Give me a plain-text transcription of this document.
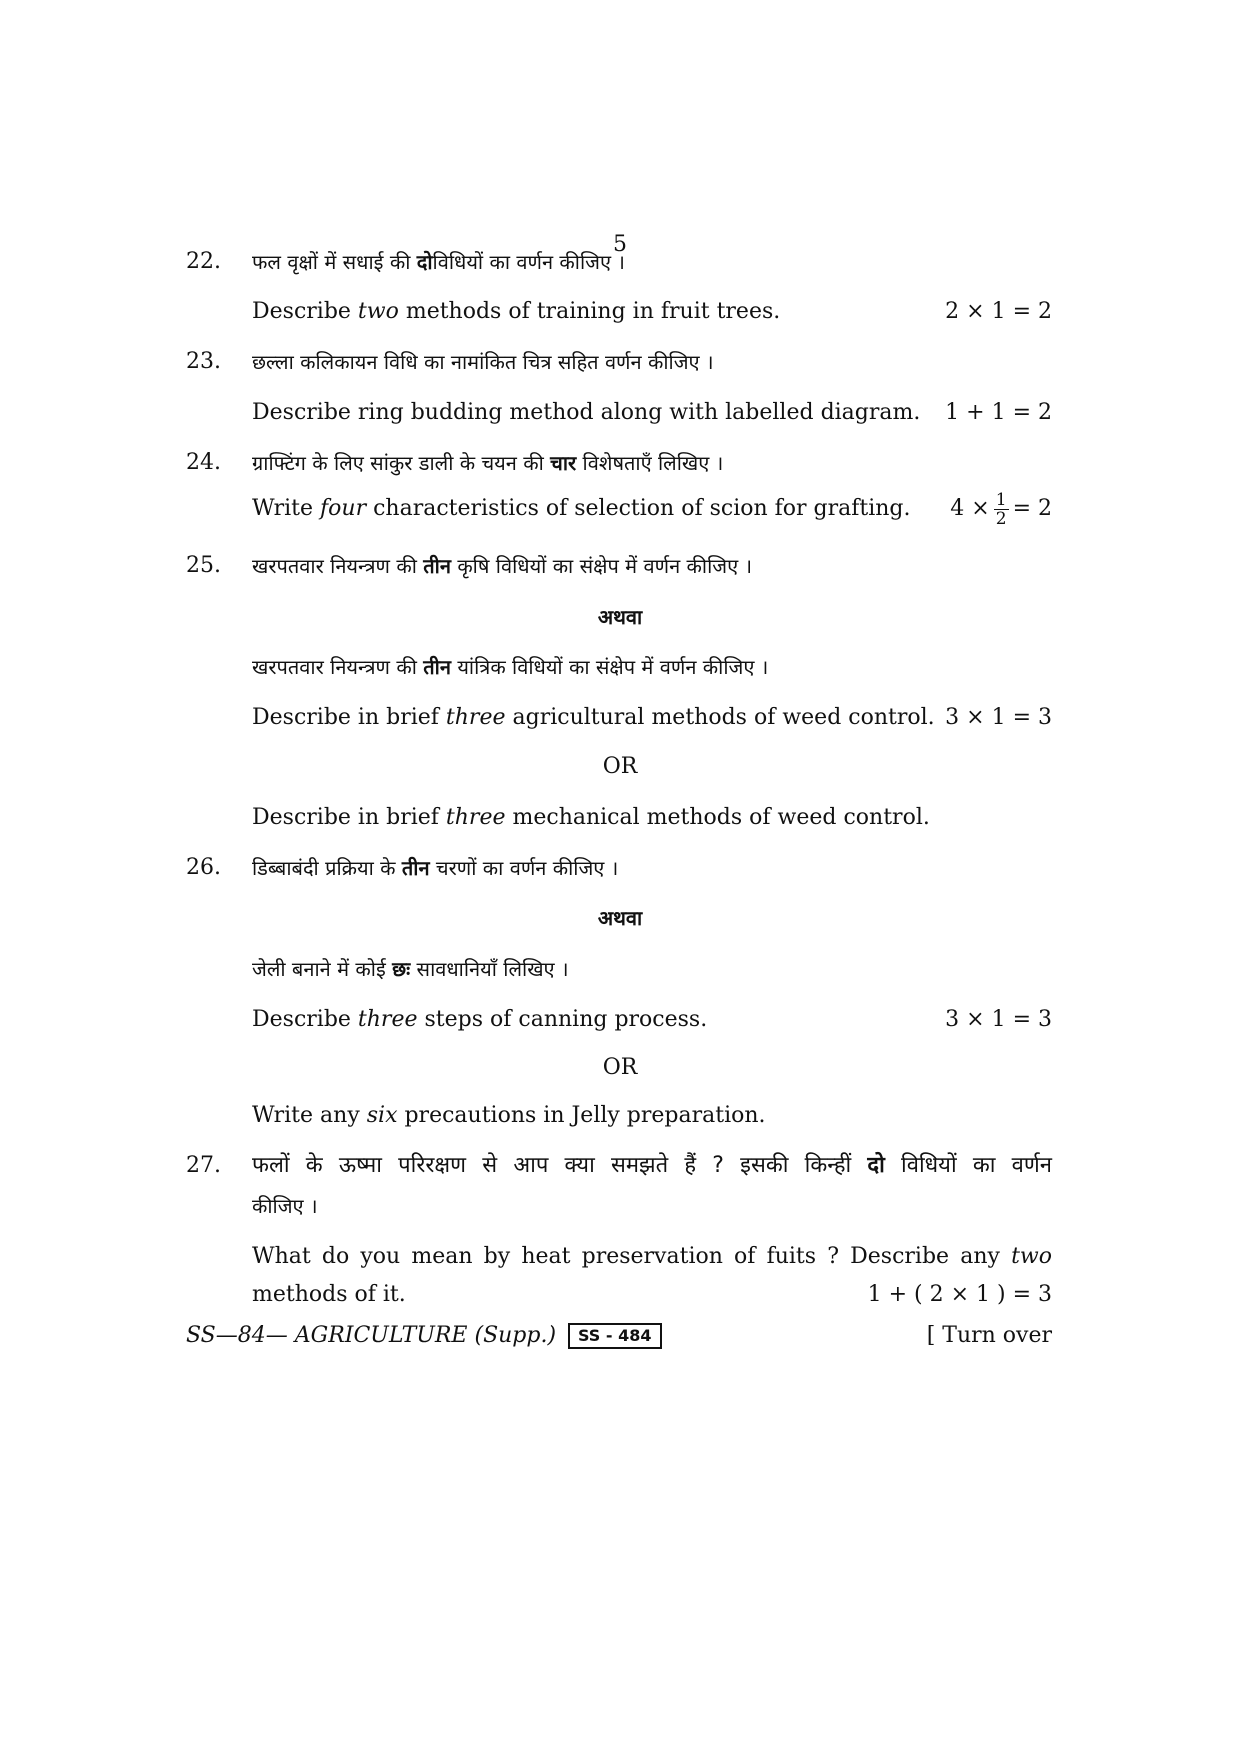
5
22. फल वृक्षों में सधाई की दोविधियों का वर्णन कीजिए ।
Describe two methods of training in fruit trees.	2 × 1 = 2
23. छल्ला कलिकायन विधि का नामांकित चित्र सहित वर्णन कीजिए ।
Describe ring budding method along with labelled diagram.	1 + 1 = 2
24. ग्राफ्टिंग के लिए सांकुर डाली के चयन की चार विशेषताएँ लिखिए ।
Write four characteristics of selection of scion for grafting.	$4 \times \frac{1}{2} = 2$
25. खरपतवार नियन्त्रण की तीन कृषि विधियों का संक्षेप में वर्णन कीजिए ।
अथवा
खरपतवार नियन्त्रण की तीन यांत्रिक विधियों का संक्षेप में वर्णन कीजिए ।
Describe in brief three agricultural methods of weed control. 3 × 1 = 3
OR
Describe in brief three mechanical methods of weed control.
26. डिब्बाबंदी प्रक्रिया के तीन चरणों का वर्णन कीजिए ।
अथवा
जेली बनाने में कोई छः सावधानियाँ लिखिए ।
Describe three steps of canning process.	3 × 1 = 3
OR
Write any six precautions in Jelly preparation.
27. फलों के ऊष्मा परिरक्षण से आप क्या समझते हैं ? इसकी किन्हीं दो विधियों का वर्णन
कीजिए ।
What do you mean by heat preservation of fuits ? Describe any two
methods of it.	1 + ( 2 × 1 ) = 3
SS—84— AGRICULTURE (Supp.)	SS - 484	[ Turn over
